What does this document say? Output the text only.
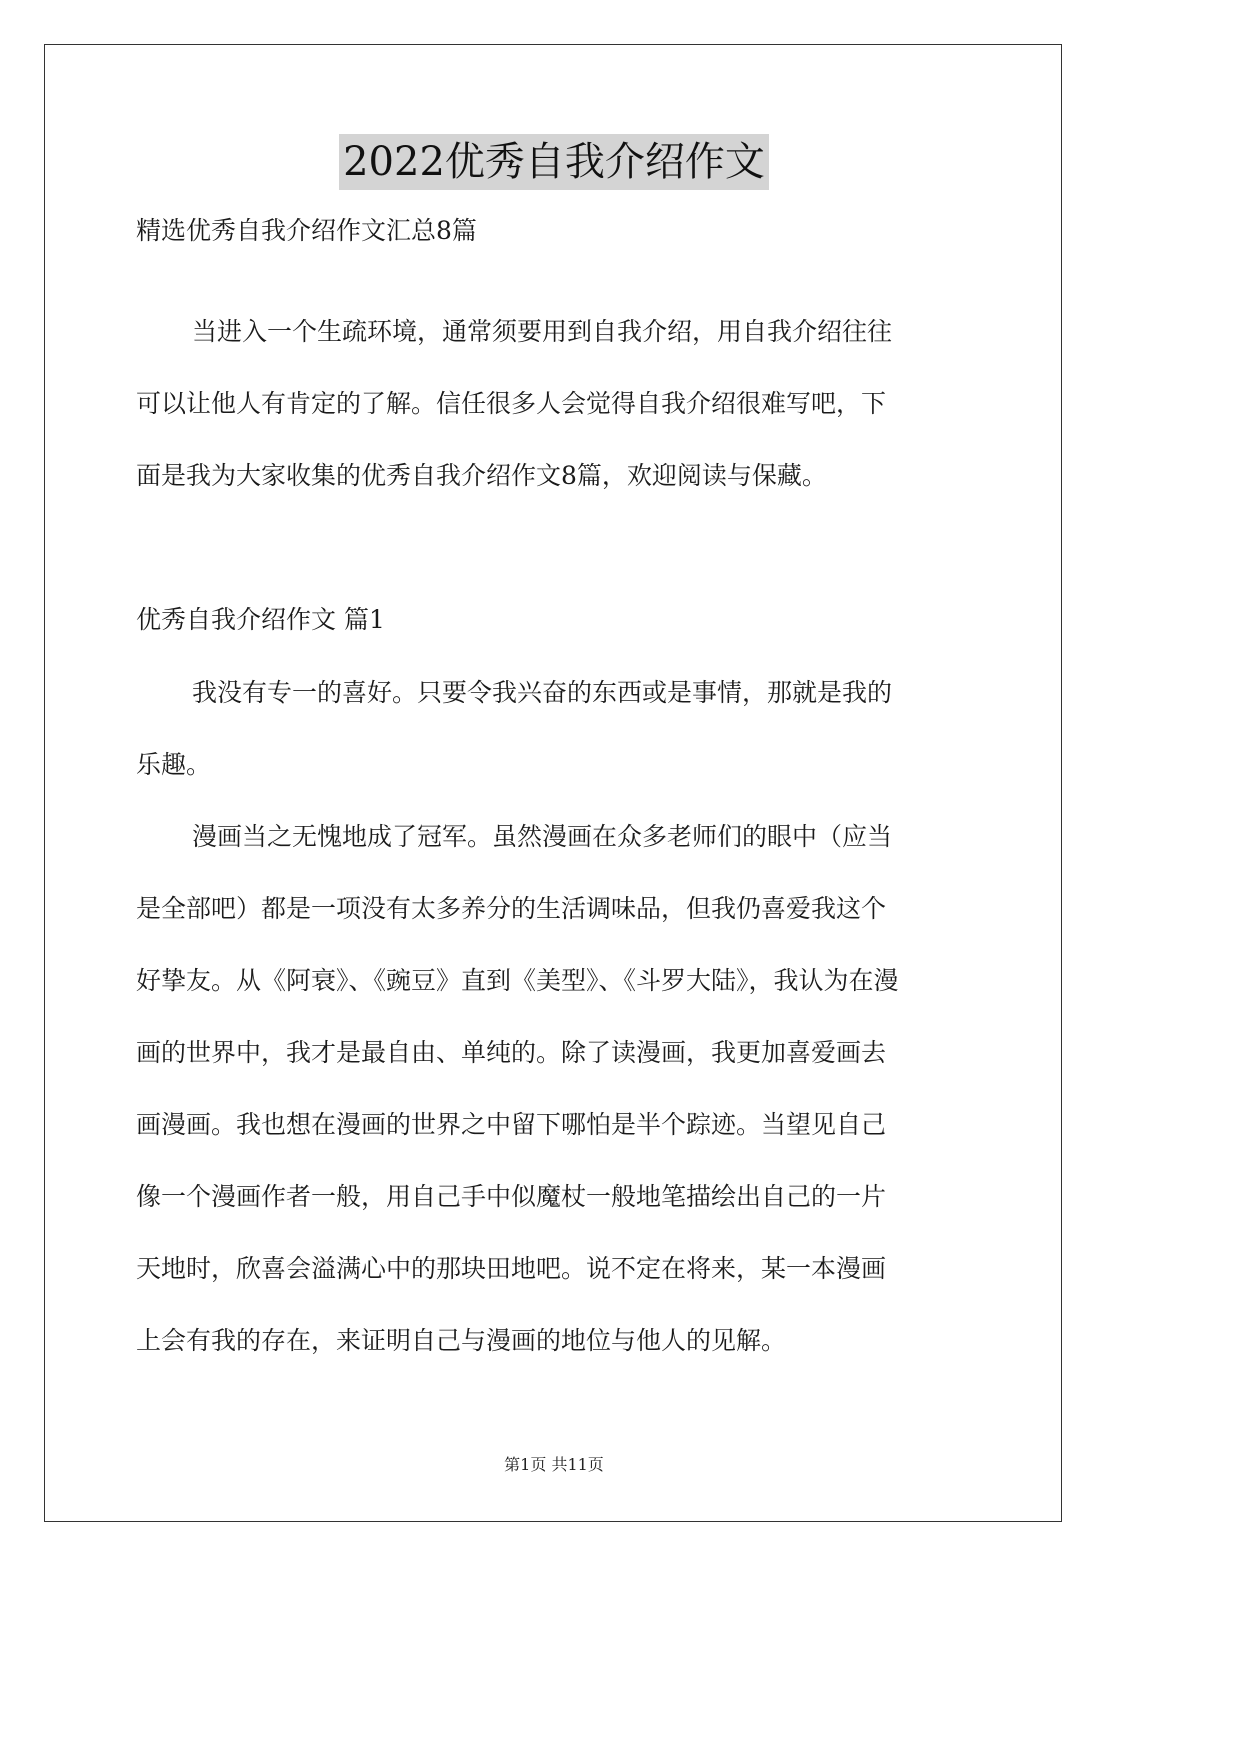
2022优秀自我介绍作文
精选优秀自我介绍作文汇总8篇
当进入一个生疏环境，通常须要用到自我介绍，用自我介绍往往
可以让他人有肯定的了解。信任很多人会觉得自我介绍很难写吧，下
面是我为大家收集的优秀自我介绍作文8篇，欢迎阅读与保藏。
优秀自我介绍作文 篇1
我没有专一的喜好。只要令我兴奋的东西或是事情，那就是我的
乐趣。
漫画当之无愧地成了冠军。虽然漫画在众多老师们的眼中（应当
是全部吧）都是一项没有太多养分的生活调味品，但我仍喜爱我这个
好挚友。从《阿衰》、《豌豆》直到《美型》、《斗罗大陆》，我认为在漫
画的世界中，我才是最自由、单纯的。除了读漫画，我更加喜爱画去
画漫画。我也想在漫画的世界之中留下哪怕是半个踪迹。当望见自己
像一个漫画作者一般，用自己手中似魔杖一般地笔描绘出自己的一片
天地时，欣喜会溢满心中的那块田地吧。说不定在将来，某一本漫画
上会有我的存在，来证明自己与漫画的地位与他人的见解。
第1页 共11页
